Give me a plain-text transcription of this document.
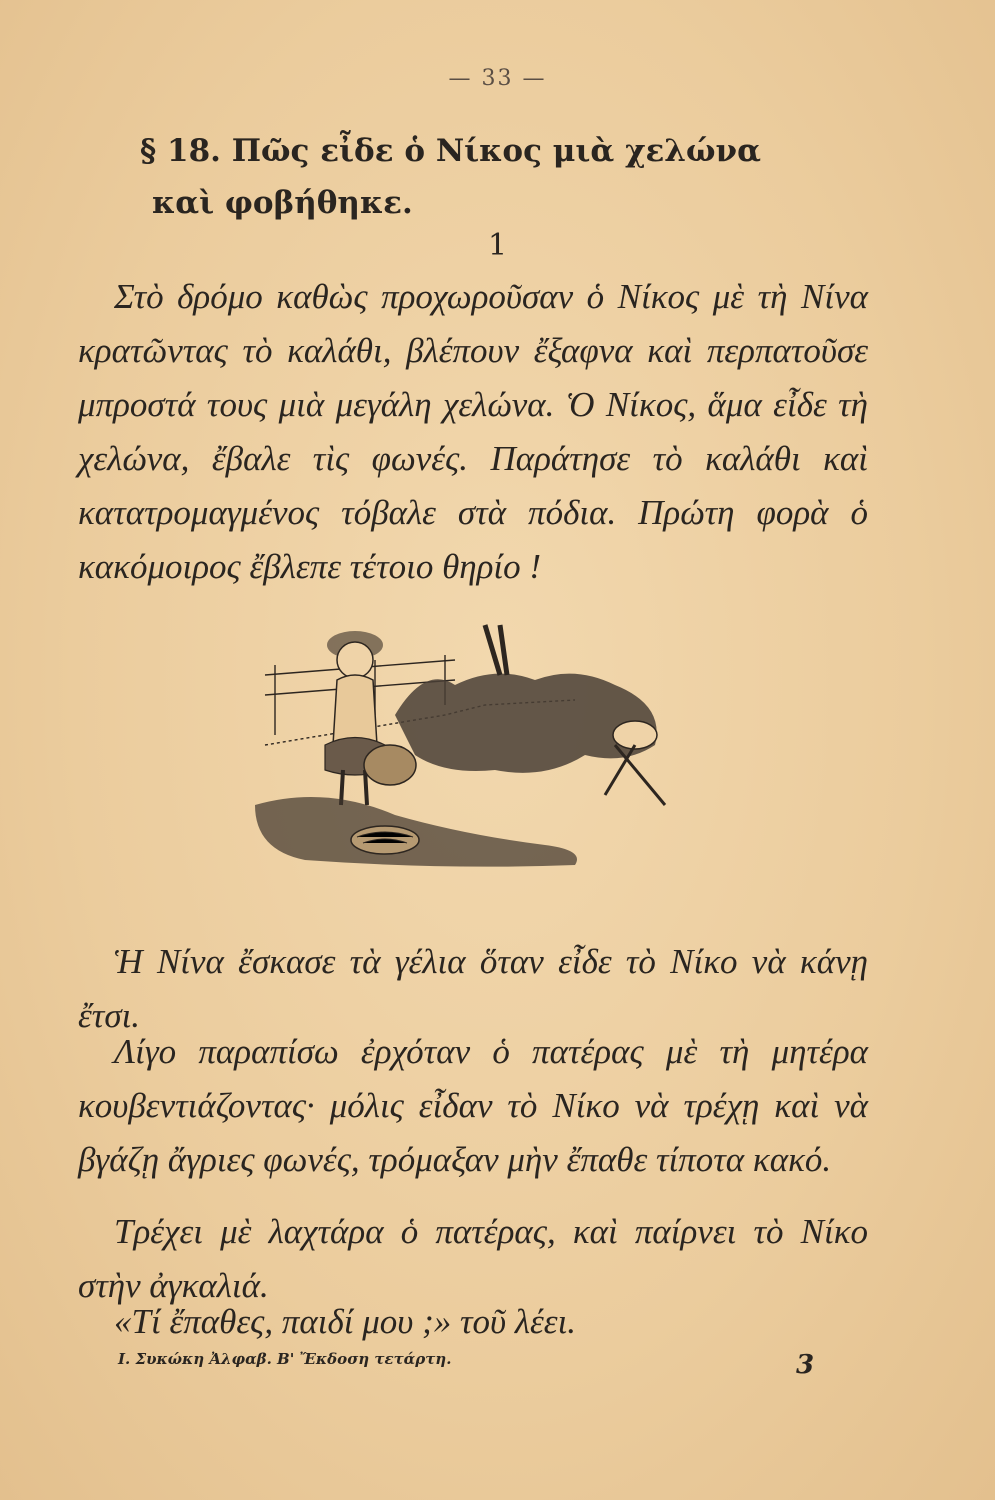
— 33 —
§ 18. Πῶς εἶδε ὁ Νίκος μιὰ χελώνα
καὶ φοβήθηκε.
1
Στὸ δρόμο καθὼς προχωροῦσαν ὁ Νίκος μὲ τὴ Νίνα κρατῶντας τὸ καλάθι, βλέπουν ἔξαφνα καὶ περπατοῦσε μπροστά τους μιὰ μεγάλη χελώνα. Ὁ Νίκος, ἅμα εἶδε τὴ χελώνα, ἔβαλε τὶς φωνές. Παράτησε τὸ καλάθι καὶ κατατρομαγμένος τόβαλε στὰ πόδια. Πρώτη φορὰ ὁ κακόμοιρος ἔβλεπε τέτοιο θηρίο !
Ἡ Νίνα ἔσκασε τὰ γέλια ὅταν εἶδε τὸ Νίκο νὰ κάνῃ ἔτσι.
Λίγο παραπίσω ἐρχόταν ὁ πατέρας μὲ τὴ μητέρα κουβεντιάζοντας· μόλις εἶδαν τὸ Νίκο νὰ τρέχῃ καὶ νὰ βγάζῃ ἄγριες φωνές, τρόμαξαν μὴν ἔπαθε τίποτα κακό.
Τρέχει μὲ λαχτάρα ὁ πατέρας, καὶ παίρνει τὸ Νίκο στὴν ἀγκαλιά.
«Τί ἔπαθες, παιδί μου ;» τοῦ λέει.
I. Συκώκη Ἀλφαβ. Β' Ἔκδοση τετάρτη.	3
